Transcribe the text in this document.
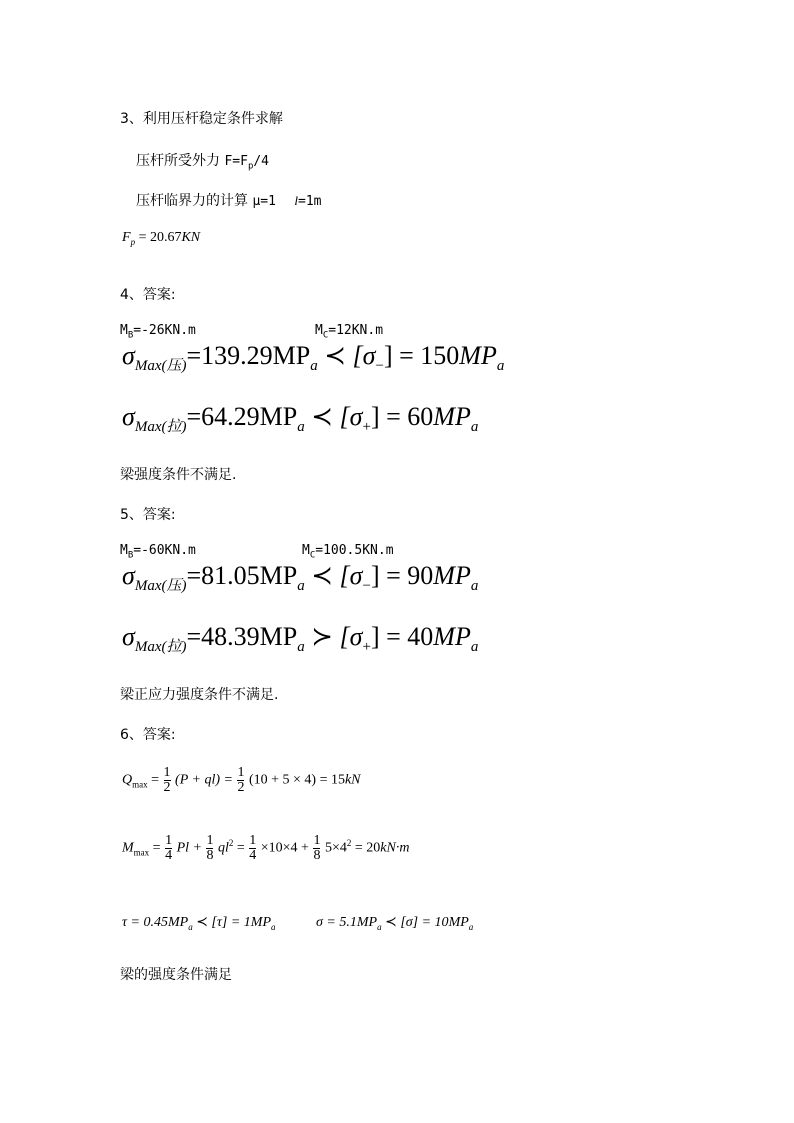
3、利用压杆稳定条件求解
压杆所受外力 $F=F_p/4$
压杆临界力的计算 μ=1 l=1m
$F_p = 20.67KN$
4、答案:
$M_B=-26KN.m$	$M_C=12KN.m$
$\sigma_{Max(压)}=139.29MP_a$ ≺ $[\sigma_-] = 150MP_a$
$\sigma_{Max(拉)}=64.29MP_a$ ≺ $[\sigma_+] = 60MP_a$
梁强度条件不满足.
5、答案:
$M_B=-60KN.m$	$M_C=100.5KN.m$
$\sigma_{Max(压)}=81.05MP_a$ ≺ $[\sigma_-] = 90MP_a$
$\sigma_{Max(拉)}=48.39MP_a$ ≻ $[\sigma_+] = 40MP_a$
梁正应力强度条件不满足.
6、答案:
$Q_{max} = \frac{1}{2} (P + ql) = \frac{1}{2} (10 + 5 \times 4) = 15kN$
$M_{max} = \frac{1}{4}$ $Pl + \frac{1}{8} ql^2 = \frac{1}{4} \times 10\times 4 + \frac{1}{8} 5\times 4^2 = 20kN\cdot m$
$\tau = 0.45MP_a$ ≺ $[\tau] = 1MP_a$	$\sigma = 5.1MP_a$ ≺ $[\sigma] = 10MP_a$
梁的强度条件满足
